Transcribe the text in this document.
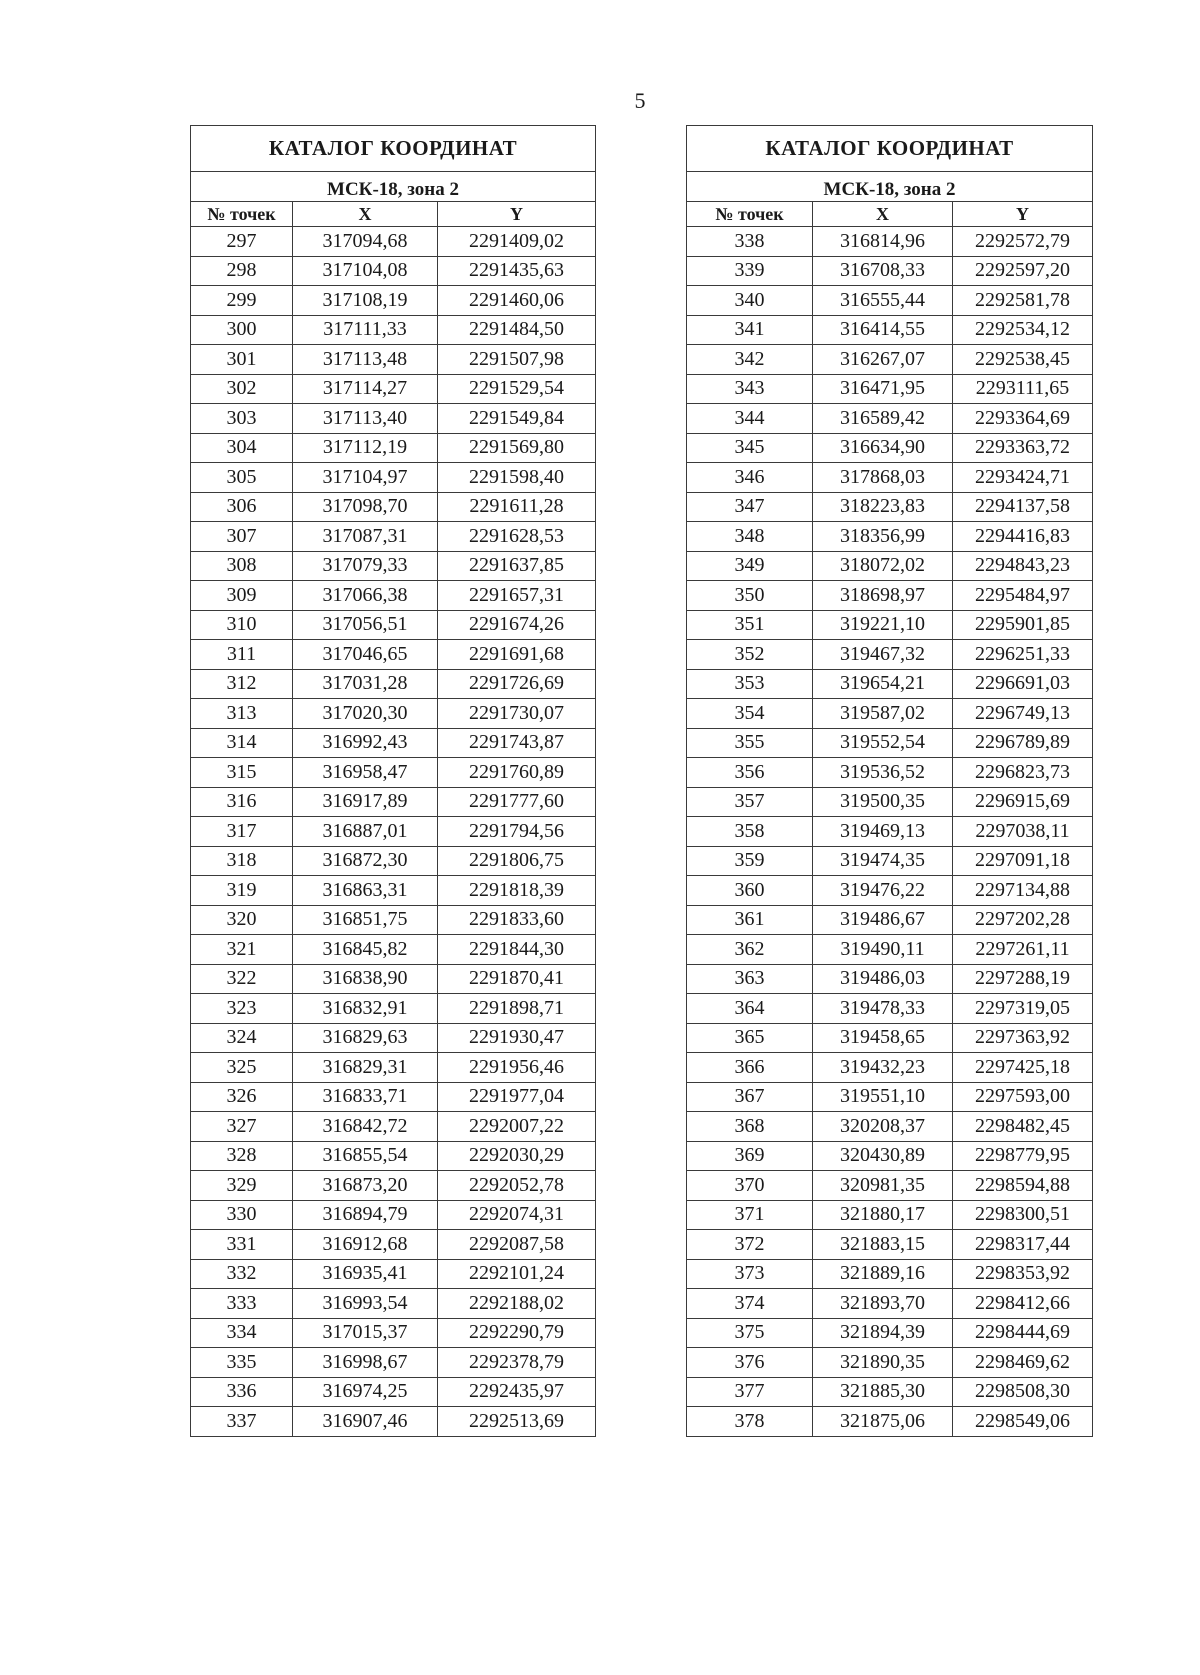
5
КАТАЛОГ КООРДИНАТ		
МСК-18, зона 2		
№ точек	X	Y
297	317094,68	2291409,02
298	317104,08	2291435,63
299	317108,19	2291460,06
300	317111,33	2291484,50
301	317113,48	2291507,98
302	317114,27	2291529,54
303	317113,40	2291549,84
304	317112,19	2291569,80
305	317104,97	2291598,40
306	317098,70	2291611,28
307	317087,31	2291628,53
308	317079,33	2291637,85
309	317066,38	2291657,31
310	317056,51	2291674,26
311	317046,65	2291691,68
312	317031,28	2291726,69
313	317020,30	2291730,07
314	316992,43	2291743,87
315	316958,47	2291760,89
316	316917,89	2291777,60
317	316887,01	2291794,56
318	316872,30	2291806,75
319	316863,31	2291818,39
320	316851,75	2291833,60
321	316845,82	2291844,30
322	316838,90	2291870,41
323	316832,91	2291898,71
324	316829,63	2291930,47
325	316829,31	2291956,46
326	316833,71	2291977,04
327	316842,72	2292007,22
328	316855,54	2292030,29
329	316873,20	2292052,78
330	316894,79	2292074,31
331	316912,68	2292087,58
332	316935,41	2292101,24
333	316993,54	2292188,02
334	317015,37	2292290,79
335	316998,67	2292378,79
336	316974,25	2292435,97
337	316907,46	2292513,69
КАТАЛОГ КООРДИНАТ		
МСК-18, зона 2		
№ точек	X	Y
338	316814,96	2292572,79
339	316708,33	2292597,20
340	316555,44	2292581,78
341	316414,55	2292534,12
342	316267,07	2292538,45
343	316471,95	2293111,65
344	316589,42	2293364,69
345	316634,90	2293363,72
346	317868,03	2293424,71
347	318223,83	2294137,58
348	318356,99	2294416,83
349	318072,02	2294843,23
350	318698,97	2295484,97
351	319221,10	2295901,85
352	319467,32	2296251,33
353	319654,21	2296691,03
354	319587,02	2296749,13
355	319552,54	2296789,89
356	319536,52	2296823,73
357	319500,35	2296915,69
358	319469,13	2297038,11
359	319474,35	2297091,18
360	319476,22	2297134,88
361	319486,67	2297202,28
362	319490,11	2297261,11
363	319486,03	2297288,19
364	319478,33	2297319,05
365	319458,65	2297363,92
366	319432,23	2297425,18
367	319551,10	2297593,00
368	320208,37	2298482,45
369	320430,89	2298779,95
370	320981,35	2298594,88
371	321880,17	2298300,51
372	321883,15	2298317,44
373	321889,16	2298353,92
374	321893,70	2298412,66
375	321894,39	2298444,69
376	321890,35	2298469,62
377	321885,30	2298508,30
378	321875,06	2298549,06
